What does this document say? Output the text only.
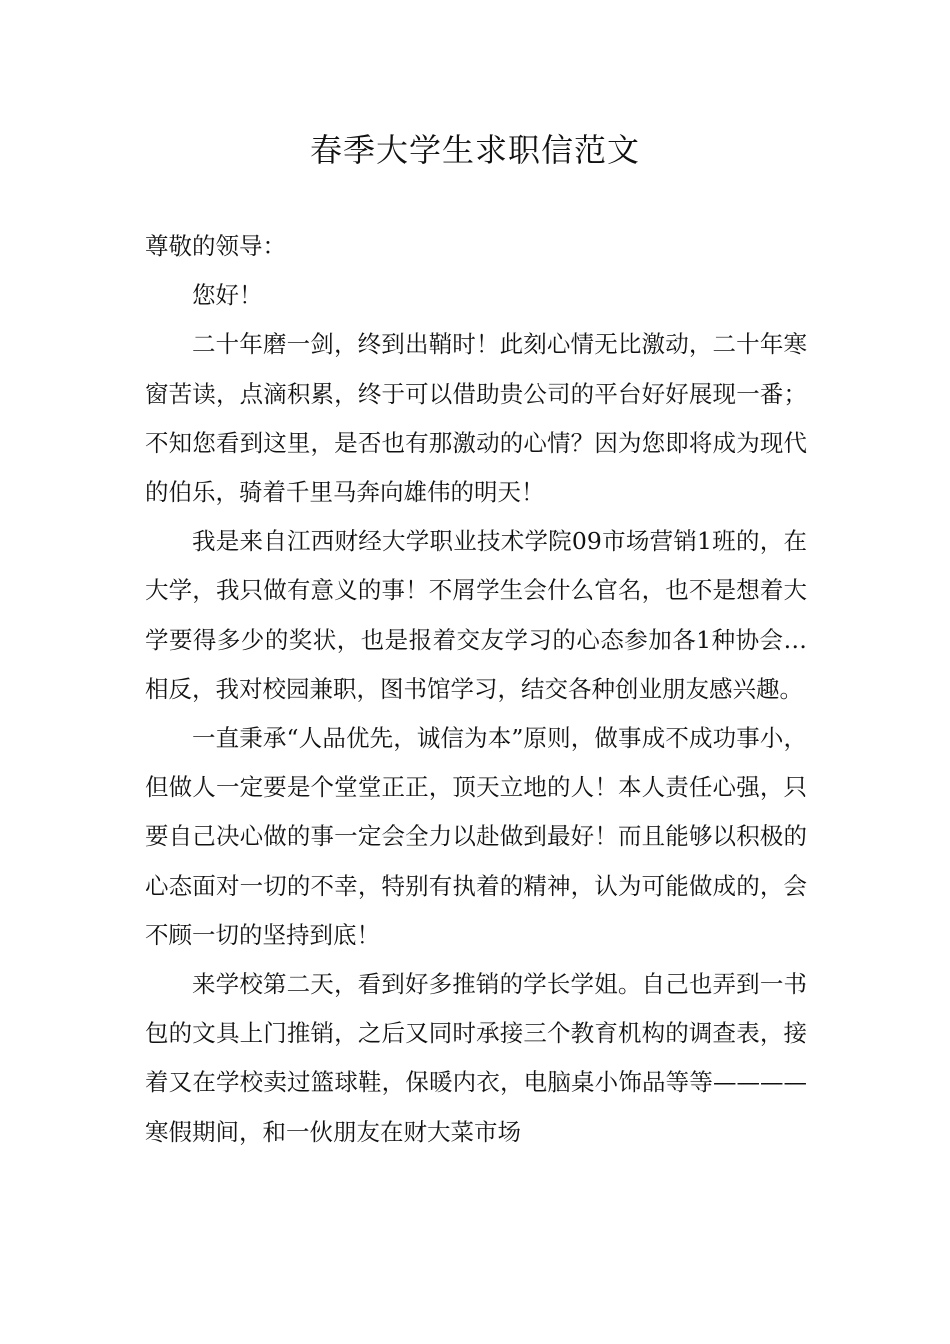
春季大学生求职信范文

尊敬的领导：

您好！

二十年磨一剑，终到出鞘时！此刻心情无比激动，二十年寒窗苦读，点滴积累，终于可以借助贵公司的平台好好展现一番；不知您看到这里，是否也有那激动的心情？因为您即将成为现代的伯乐，骑着千里马奔向雄伟的明天！

我是来自江西财经大学职业技术学院09市场营销1班的，在大学，我只做有意义的事！不屑学生会什么官名，也不是想着大学要得多少的奖状，也是报着交友学习的心态参加各1种协会…相反，我对校园兼职，图书馆学习，结交各种创业朋友感兴趣。

一直秉承“人品优先，诚信为本”原则，做事成不成功事小，但做人一定要是个堂堂正正，顶天立地的人！本人责任心强，只要自己决心做的事一定会全力以赴做到最好！而且能够以积极的心态面对一切的不幸，特别有执着的精神，认为可能做成的，会不顾一切的坚持到底！

来学校第二天，看到好多推销的学长学姐。自己也弄到一书包的文具上门推销，之后又同时承接三个教育机构的调查表，接着又在学校卖过篮球鞋，保暖内衣，电脑桌小饰品等等————寒假期间，和一伙朋友在财大菜市场
